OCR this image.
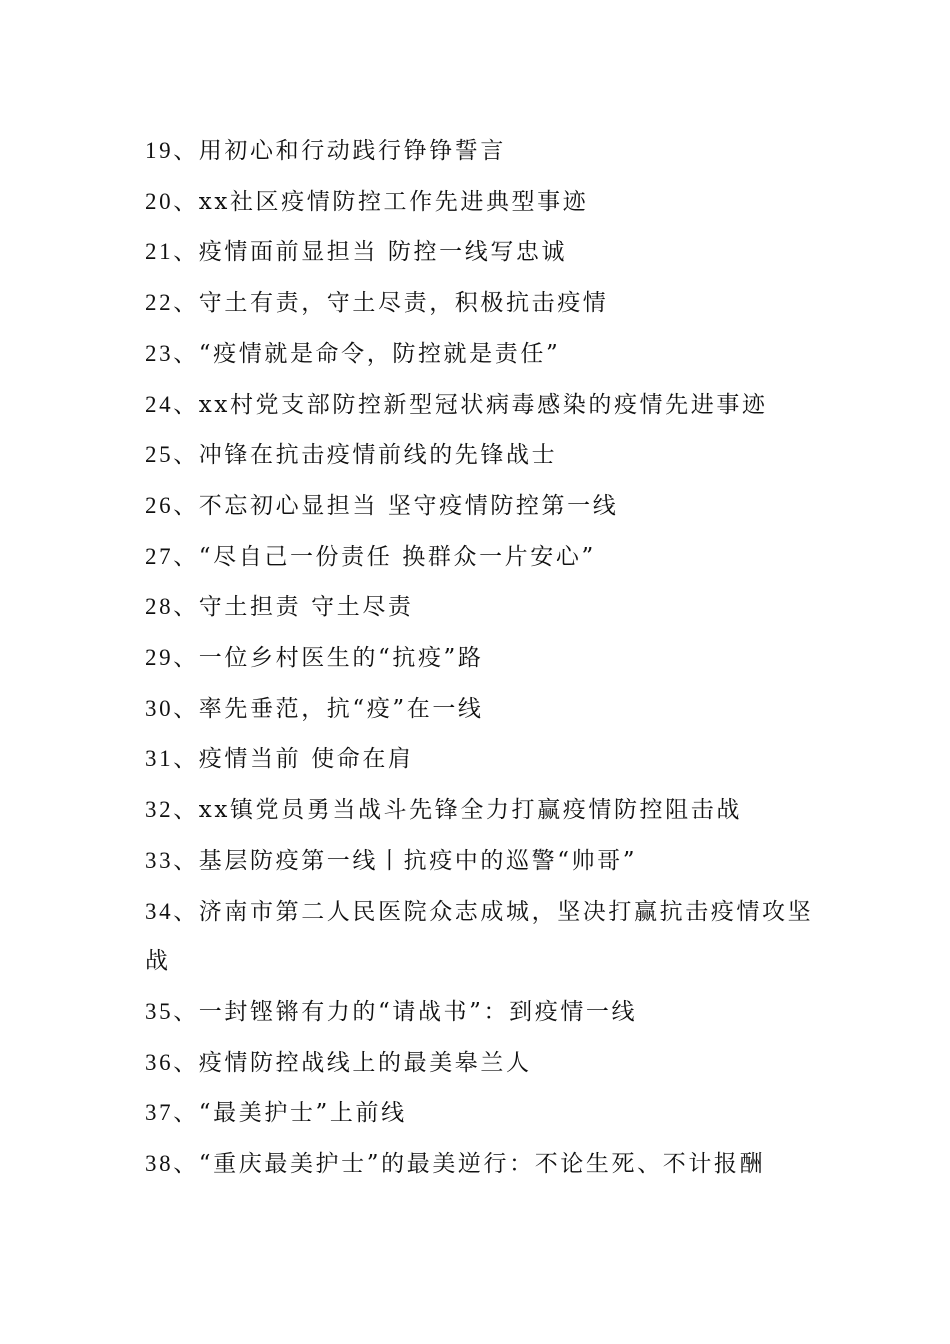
19、用初心和行动践行铮铮誓言
20、xx社区疫情防控工作先进典型事迹
21、疫情面前显担当 防控一线写忠诚
22、守土有责，守土尽责，积极抗击疫情
23、“疫情就是命令，防控就是责任”
24、xx村党支部防控新型冠状病毒感染的疫情先进事迹
25、冲锋在抗击疫情前线的先锋战士
26、不忘初心显担当 坚守疫情防控第一线
27、“尽自己一份责任 换群众一片安心”
28、守土担责 守土尽责
29、一位乡村医生的“抗疫”路
30、率先垂范，抗“疫”在一线
31、疫情当前 使命在肩
32、xx镇党员勇当战斗先锋全力打赢疫情防控阻击战
33、基层防疫第一线丨抗疫中的巡警“帅哥”
34、济南市第二人民医院众志成城，坚决打赢抗击疫情攻坚战
35、一封铿锵有力的“请战书”：到疫情一线
36、疫情防控战线上的最美皋兰人
37、“最美护士”上前线
38、“重庆最美护士”的最美逆行：不论生死、不计报酬
